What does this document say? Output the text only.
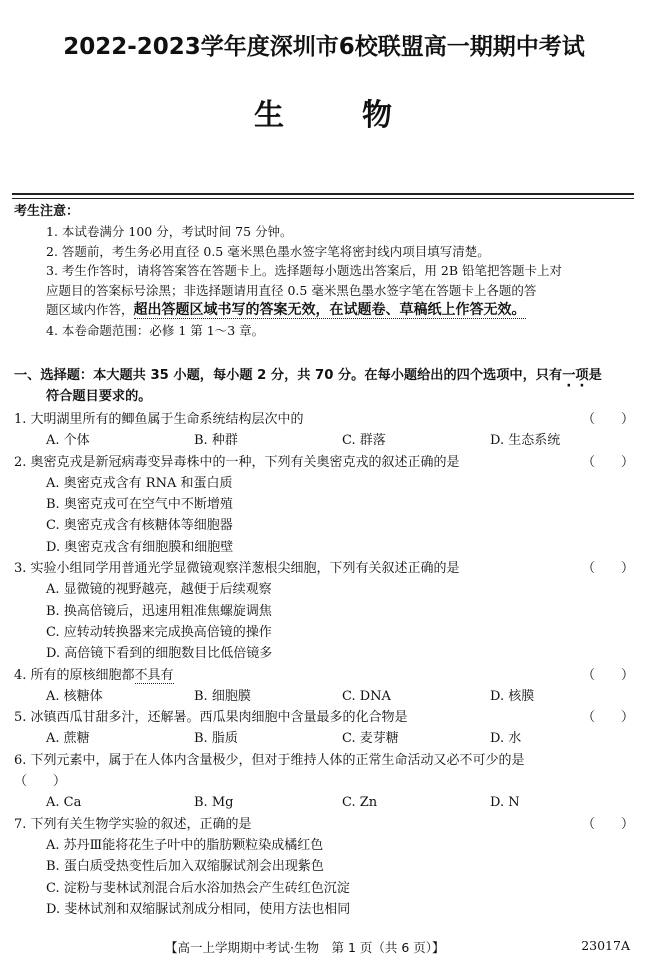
2022-2023学年度深圳市6校联盟高一期期中考试
生	物
考生注意：
1. 本试卷满分 100 分，考试时间 75 分钟。
2. 答题前，考生务必用直径 0.5 毫米黑色墨水签字笔将密封线内项目填写清楚。
3. 考生作答时，请将答案答在答题卡上。选择题每小题选出答案后，用 2B 铅笔把答题卡上对
应题目的答案标号涂黑；非选择题请用直径 0.5 毫米黑色墨水签字笔在答题卡上各题的答
题区域内作答，超出答题区域书写的答案无效，在试题卷、草稿纸上作答无效。
4. 本卷命题范围：必修 1 第 1～3 章。
一、选择题：本大题共 35 小题，每小题 2 分，共 70 分。在每小题给出的四个选项中，只有一项是
符合题目要求的。
1. 大明湖里所有的鲫鱼属于生命系统结构层次中的	（　　）
A. 个体	B. 种群	C. 群落	D. 生态系统
2. 奥密克戎是新冠病毒变异毒株中的一种，下列有关奥密克戎的叙述正确的是	（　　）
A. 奥密克戎含有 RNA 和蛋白质
B. 奥密克戎可在空气中不断增殖
C. 奥密克戎含有核糖体等细胞器
D. 奥密克戎含有细胞膜和细胞壁
3. 实验小组同学用普通光学显微镜观察洋葱根尖细胞，下列有关叙述正确的是	（　　）
A. 显微镜的视野越亮，越便于后续观察
B. 换高倍镜后，迅速用粗准焦螺旋调焦
C. 应转动转换器来完成换高倍镜的操作
D. 高倍镜下看到的细胞数目比低倍镜多
4. 所有的原核细胞都不具有	（　　）
A. 核糖体	B. 细胞膜	C. DNA	D. 核膜
5. 冰镇西瓜甘甜多汁，还解暑。西瓜果肉细胞中含量最多的化合物是	（　　）
A. 蔗糖	B. 脂质	C. 麦芽糖	D. 水
6. 下列元素中，属于在人体内含量极少，但对于维持人体的正常生命活动又必不可少的是
（　　）
A. Ca	B. Mg	C. Zn	D. N
7. 下列有关生物学实验的叙述，正确的是	（　　）
A. 苏丹Ⅲ能将花生子叶中的脂肪颗粒染成橘红色
B. 蛋白质受热变性后加入双缩脲试剂会出现紫色
C. 淀粉与斐林试剂混合后水浴加热会产生砖红色沉淀
D. 斐林试剂和双缩脲试剂成分相同，使用方法也相同
【高一上学期期中考试·生物　第 1 页（共 6 页）】	23017A
